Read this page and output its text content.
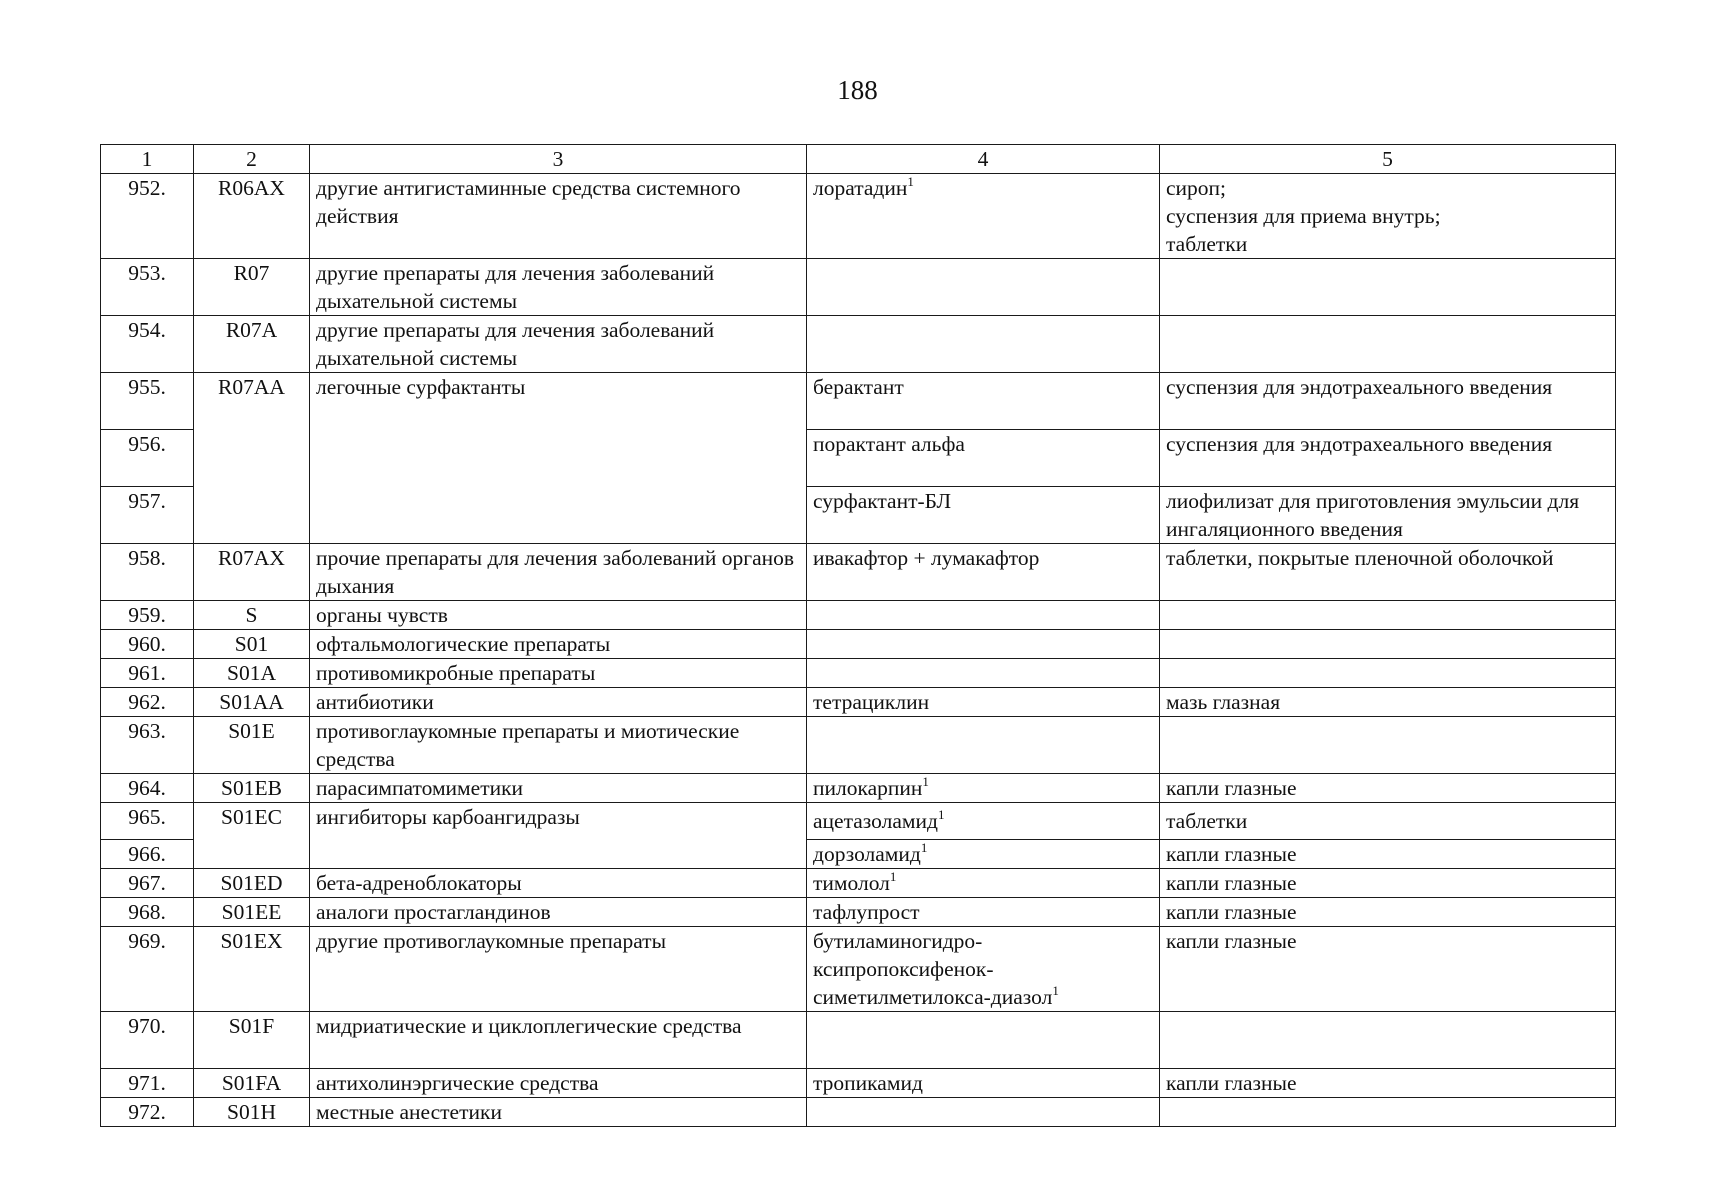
188
1	2	3	4	5
952.	R06AX	другие антигистаминные средства системного действия	лоратадин$^1$	сироп;
суспензия для приема внутрь;
таблетки

953.	R07	другие препараты для лечения заболеваний дыхательной системы		
954.	R07A	другие препараты для лечения заболеваний дыхательной системы		
955.	R07AA	легочные сурфактанты	берактант	суспензия для эндотрахеального введения

956.			порактант альфа	суспензия для эндотрахеального введения

957.			сурфактант-БЛ	лиофилизат для приготовления эмульсии для ингаляционного введения

958.	R07AX	прочие препараты для лечения заболеваний органов дыхания	ивакафтор + лумакафтор	таблетки, покрытые пленочной оболочкой

959.	S	органы чувств		
960.	S01	офтальмологические препараты		
961.	S01A	противомикробные препараты		
962.	S01AA	антибиотики	тетрациклин	мазь глазная

963.	S01E	противоглаукомные препараты и миотические средства		
964.	S01EB	парасимпатомиметики	пилокарпин$^1$	капли глазные

965.	S01EC	ингибиторы карбоангидразы	ацетазоламид$^1$	таблетки

966.			дорзоламид$^1$	капли глазные

967.	S01ED	бета-адреноблокаторы	тимолол$^1$	капли глазные

968.	S01EE	аналоги простагландинов	тафлупрост	капли глазные

969.	S01EX	другие противоглаукомные препараты	бутиламиногидро-
ксипропоксифенок-
симетилметилокса-диазол$^1$	капли глазные

970.	S01F	мидриатические и циклоплегические средства		
971.	S01FA	антихолинэргические средства	тропикамид	капли глазные

972.	S01H	местные анестетики		
